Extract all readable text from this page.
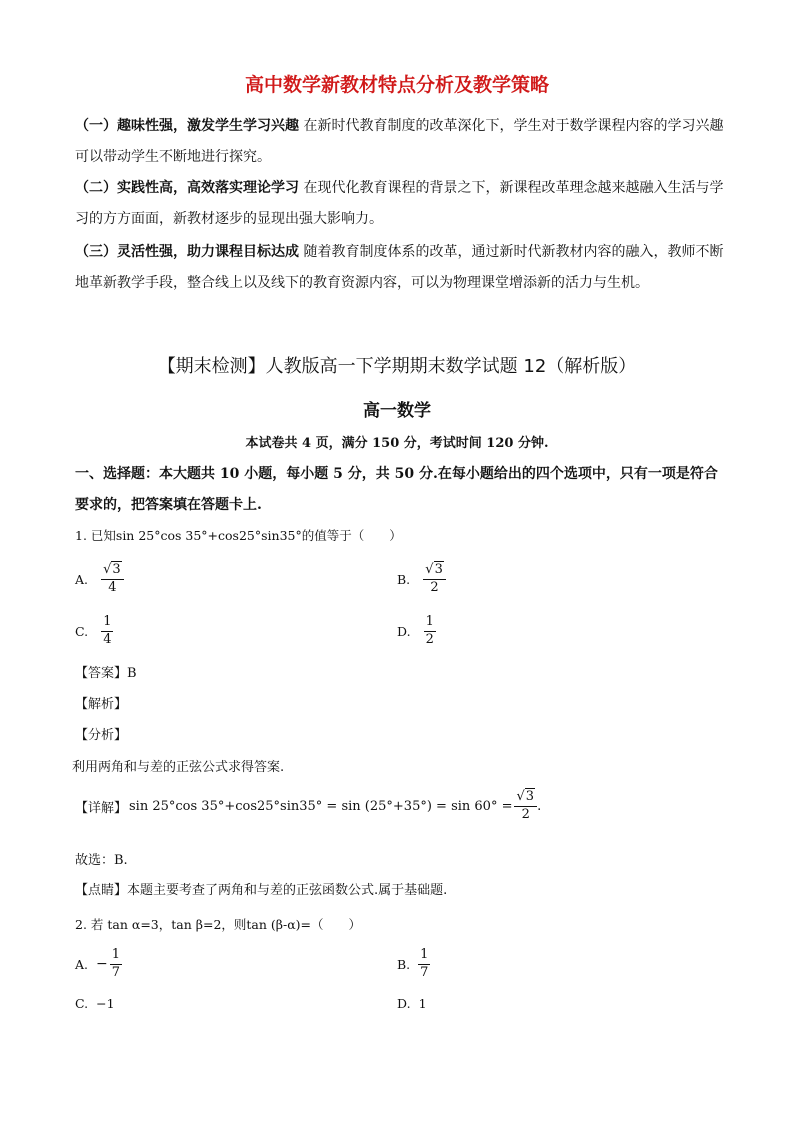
高中数学新教材特点分析及教学策略
（一）趣味性强，激发学生学习兴趣 在新时代教育制度的改革深化下，学生对于数学课程内容的学习兴趣可以带动学生不断地进行探究。
（二）实践性高，高效落实理论学习 在现代化教育课程的背景之下，新课程改革理念越来越融入生活与学习的方方面面，新教材逐步的显现出强大影响力。
（三）灵活性强，助力课程目标达成 随着教育制度体系的改革，通过新时代新教材内容的融入，教师不断地革新教学手段，整合线上以及线下的教育资源内容，可以为物理课堂增添新的活力与生机。
【期末检测】人教版高一下学期期末数学试题 12（解析版）
高一数学
本试卷共 4 页，满分 150 分，考试时间 120 分钟.
一、选择题：本大题共 10 小题，每小题 5 分，共 50 分.在每小题给出的四个选项中，只有一项是符合要求的，把答案填在答题卡上.
1. 已知sin 25°cos 35°+cos25°sin35°的值等于（　　）
A. $\frac{√3}{4}$	B. $\frac{√3}{2}$
C. $\frac{1}{4}$	D. $\frac{1}{2}$
【答案】B
【解析】
【分析】
利用两角和与差的正弦公式求得答案.
【详解】 sin 25°cos $35^\circ+\cos 25^\circ\sin 35^\circ = \sin (25^\circ+35^\circ) = \sin 60^\circ = \frac{√3}{2}$ .
故选：B.
【点睛】本题主要考查了两角和与差的正弦函数公式.属于基础题.
2. 若 tan α=3，tan β=2，则tan (β-α)=（　　）
A. − $\frac{1}{7}$	B. $\frac{1}{7}$
C. −1	D. 1
